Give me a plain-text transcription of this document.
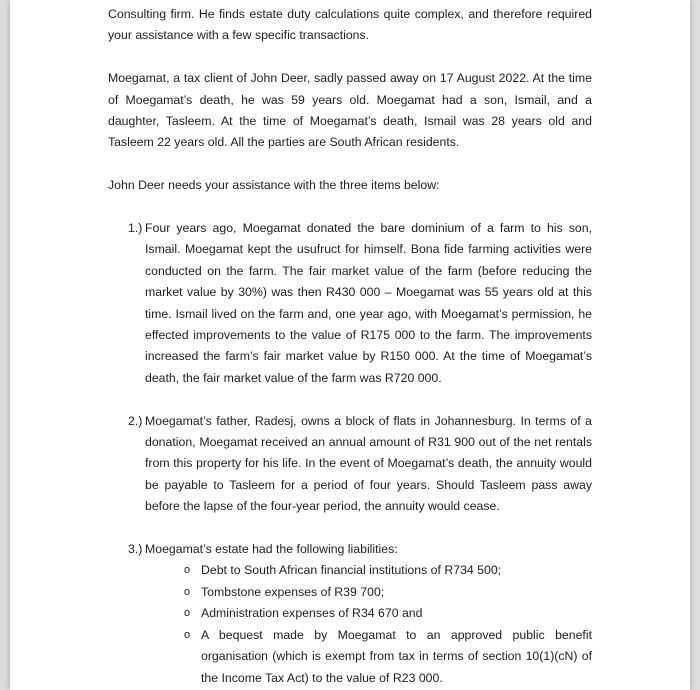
Consulting firm. He finds estate duty calculations quite complex, and therefore required your assistance with a few specific transactions.

Moegamat, a tax client of John Deer, sadly passed away on 17 August 2022. At the time of Moegamat’s death, he was 59 years old. Moegamat had a son, Ismail, and a daughter, Tasleem. At the time of Moegamat’s death, Ismail was 28 years old and Tasleem 22 years old. All the parties are South African residents.

John Deer needs your assistance with the three items below:

1.) Four years ago, Moegamat donated the bare dominium of a farm to his son, Ismail. Moegamat kept the usufruct for himself. Bona fide farming activities were conducted on the farm. The fair market value of the farm (before reducing the market value by 30%) was then R430 000 – Moegamat was 55 years old at this time. Ismail lived on the farm and, one year ago, with Moegamat’s permission, he effected improvements to the value of R175 000 to the farm. The improvements increased the farm’s fair market value by R150 000. At the time of Moegamat’s death, the fair market value of the farm was R720 000.
2.) Moegamat’s father, Radesj, owns a block of flats in Johannesburg. In terms of a donation, Moegamat received an annual amount of R31 900 out of the net rentals from this property for his life. In the event of Moegamat’s death, the annuity would be payable to Tasleem for a period of four years. Should Tasleem pass away before the lapse of the four-year period, the annuity would cease.
3.) Moegamat’s estate had the following liabilities:
o Debt to South African financial institutions of R734 500;
o Tombstone expenses of R39 700;
o Administration expenses of R34 670 and
o A bequest made by Moegamat to an approved public benefit organisation (which is exempt from tax in terms of section 10(1)(cN) of the Income Tax Act) to the value of R23 000.
